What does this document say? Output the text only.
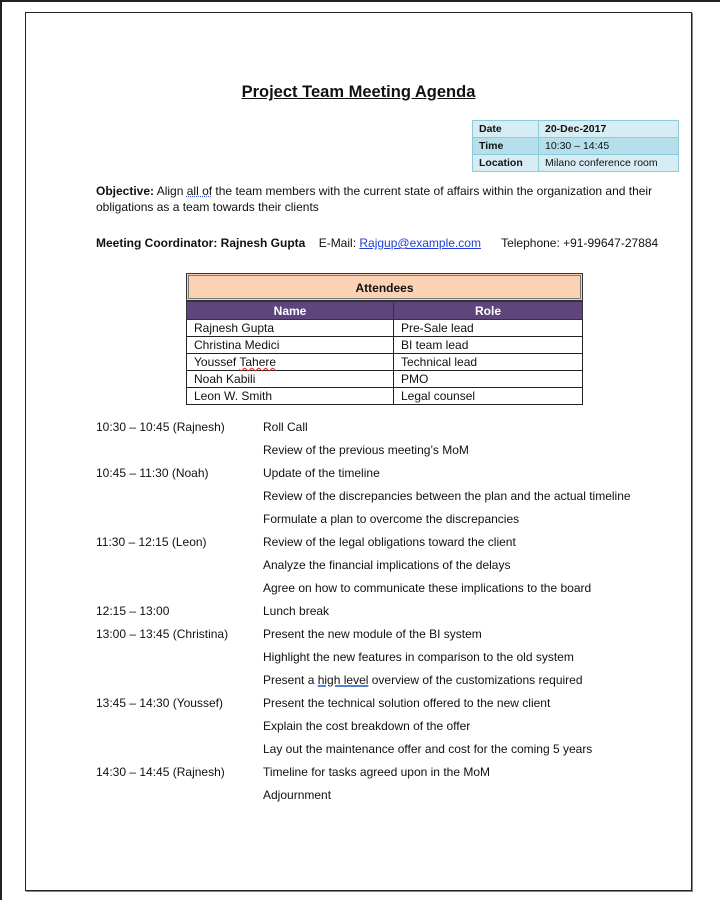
Project Team Meeting Agenda
Date	20-Dec-2017
Time	10:30 – 14:45
Location	Milano conference room
Objective: Align all of the team members with the current state of affairs within the organization and their obligations as a team towards their clients
Meeting Coordinator: Rajnesh Gupta E-Mail: Rajgup@example.com Telephone: +91-99647-27884
Attendees
Name	Role
Rajnesh Gupta	Pre-Sale lead
Christina Medici	BI team lead
Youssef Tahere	Technical lead
Noah Kabili	PMO
Leon W. Smith	Legal counsel
10:30 – 10:45 (Rajnesh)	Roll Call
Review of the previous meeting’s MoM
10:45 – 11:30 (Noah)	Update of the timeline
Review of the discrepancies between the plan and the actual timeline
Formulate a plan to overcome the discrepancies
11:30 – 12:15 (Leon)	Review of the legal obligations toward the client
Analyze the financial implications of the delays
Agree on how to communicate these implications to the board
12:15 – 13:00	Lunch break
13:00 – 13:45 (Christina)	Present the new module of the BI system
Highlight the new features in comparison to the old system
Present a high level overview of the customizations required
13:45 – 14:30 (Youssef)	Present the technical solution offered to the new client
Explain the cost breakdown of the offer
Lay out the maintenance offer and cost for the coming 5 years
14:30 – 14:45 (Rajnesh)	Timeline for tasks agreed upon in the MoM
Adjournment
